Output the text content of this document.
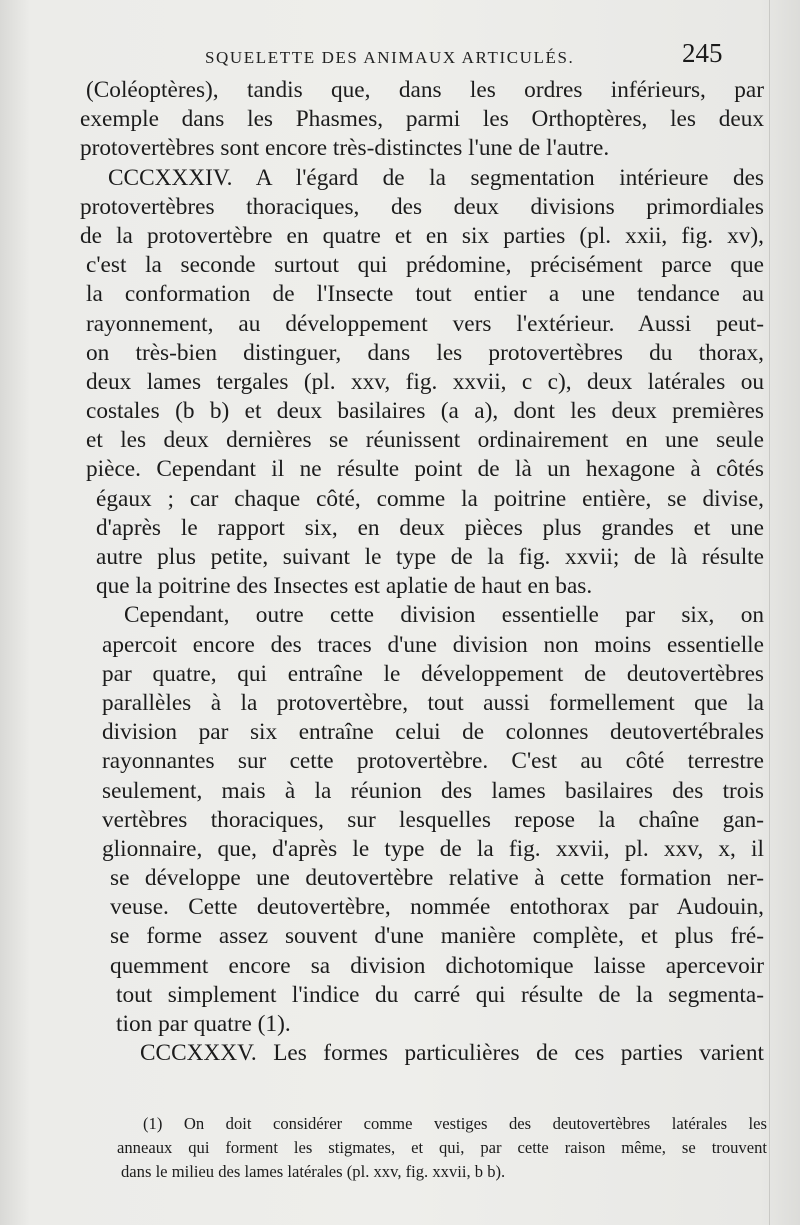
SQUELETTE DES ANIMAUX ARTICULÉS.	245
(Coléoptères), tandis que, dans les ordres inférieurs, par
exemple dans les Phasmes, parmi les Orthoptères, les deux
protovertèbres sont encore très-distinctes l'une de l'autre.
CCCXXXIV. A l'égard de la segmentation intérieure des
protovertèbres thoraciques, des deux divisions primordiales
de la protovertèbre en quatre et en six parties (pl. xxii, fig. xv),
c'est la seconde surtout qui prédomine, précisément parce que
la conformation de l'Insecte tout entier a une tendance au
rayonnement, au développement vers l'extérieur. Aussi peut-
on très-bien distinguer, dans les protovertèbres du thorax,
deux lames tergales (pl. xxv, fig. xxvii, c c), deux latérales ou
costales (b b) et deux basilaires (a a), dont les deux premières
et les deux dernières se réunissent ordinairement en une seule
pièce. Cependant il ne résulte point de là un hexagone à côtés
égaux ; car chaque côté, comme la poitrine entière, se divise,
d'après le rapport six, en deux pièces plus grandes et une
autre plus petite, suivant le type de la fig. xxvii; de là résulte
que la poitrine des Insectes est aplatie de haut en bas.
Cependant, outre cette division essentielle par six, on
apercoit encore des traces d'une division non moins essentielle
par quatre, qui entraîne le développement de deutovertèbres
parallèles à la protovertèbre, tout aussi formellement que la
division par six entraîne celui de colonnes deutovertébrales
rayonnantes sur cette protovertèbre. C'est au côté terrestre
seulement, mais à la réunion des lames basilaires des trois
vertèbres thoraciques, sur lesquelles repose la chaîne gan-
glionnaire, que, d'après le type de la fig. xxvii, pl. xxv, x, il
se développe une deutovertèbre relative à cette formation ner-
veuse. Cette deutovertèbre, nommée entothorax par Audouin,
se forme assez souvent d'une manière complète, et plus fré-
quemment encore sa division dichotomique laisse apercevoir
tout simplement l'indice du carré qui résulte de la segmenta-
tion par quatre (1).
CCCXXXV. Les formes particulières de ces parties varient
(1) On doit considérer comme vestiges des deutovertèbres latérales les
anneaux qui forment les stigmates, et qui, par cette raison même, se trouvent
dans le milieu des lames latérales (pl. xxv, fig. xxvii, b b).
